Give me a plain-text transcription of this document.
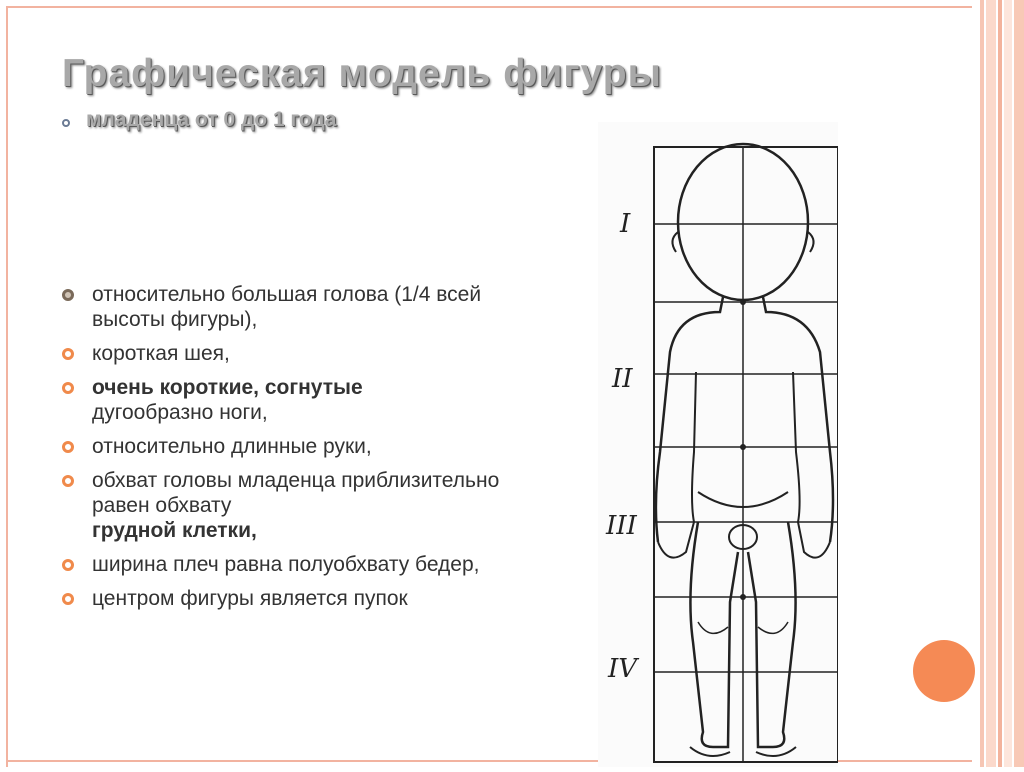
Графическая модель фигуры
младенца от 0 до 1 года
относительно большая голова (1/4 всей высоты фигуры),
короткая шея,
очень короткие, согнутые
дугообразно ноги,
относительно длинные руки,
обхват головы младенца приблизительно равен обхвату
грудной клетки,
ширина плеч равна полуобхвату бедер,
центром фигуры является пупок
I
II
III
IV
